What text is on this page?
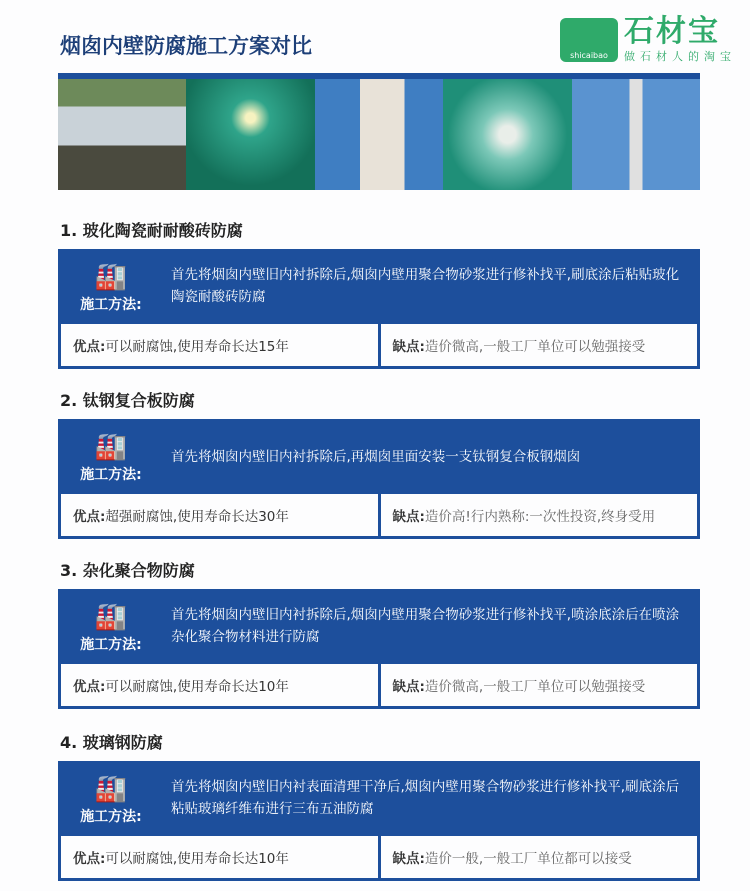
烟囱内壁防腐施工方案对比
1. 玻化陶瓷耐耐酸砖防腐
🏭
施工方法:
首先将烟囱内壁旧内衬拆除后,烟囱内壁用聚合物砂浆进行修补找平,刷底涂后粘贴玻化陶瓷耐酸砖防腐
优点: 可以耐腐蚀,使用寿命长达15年	缺点: 造价微高,一般工厂单位可以勉强接受
2. 钛钢复合板防腐
🏭
施工方法:
首先将烟囱内壁旧内衬拆除后,再烟囱里面安装一支钛钢复合板钢烟囱
优点: 超强耐腐蚀,使用寿命长达30年	缺点: 造价高!行内熟称:一次性投资,终身受用
3. 杂化聚合物防腐
🏭
施工方法:
首先将烟囱内壁旧内衬拆除后,烟囱内壁用聚合物砂浆进行修补找平,喷涂底涂后在喷涂杂化聚合物材料进行防腐
优点: 可以耐腐蚀,使用寿命长达10年	缺点: 造价微高,一般工厂单位可以勉强接受
4. 玻璃钢防腐
🏭
施工方法:
首先将烟囱内壁旧内衬表面清理干净后,烟囱内壁用聚合物砂浆进行修补找平,刷底涂后粘贴玻璃纤维布进行三布五油防腐
优点: 可以耐腐蚀,使用寿命长达10年	缺点: 造价一般,一般工厂单位都可以接受
shicaibao
石材宝
做石材人的淘宝
